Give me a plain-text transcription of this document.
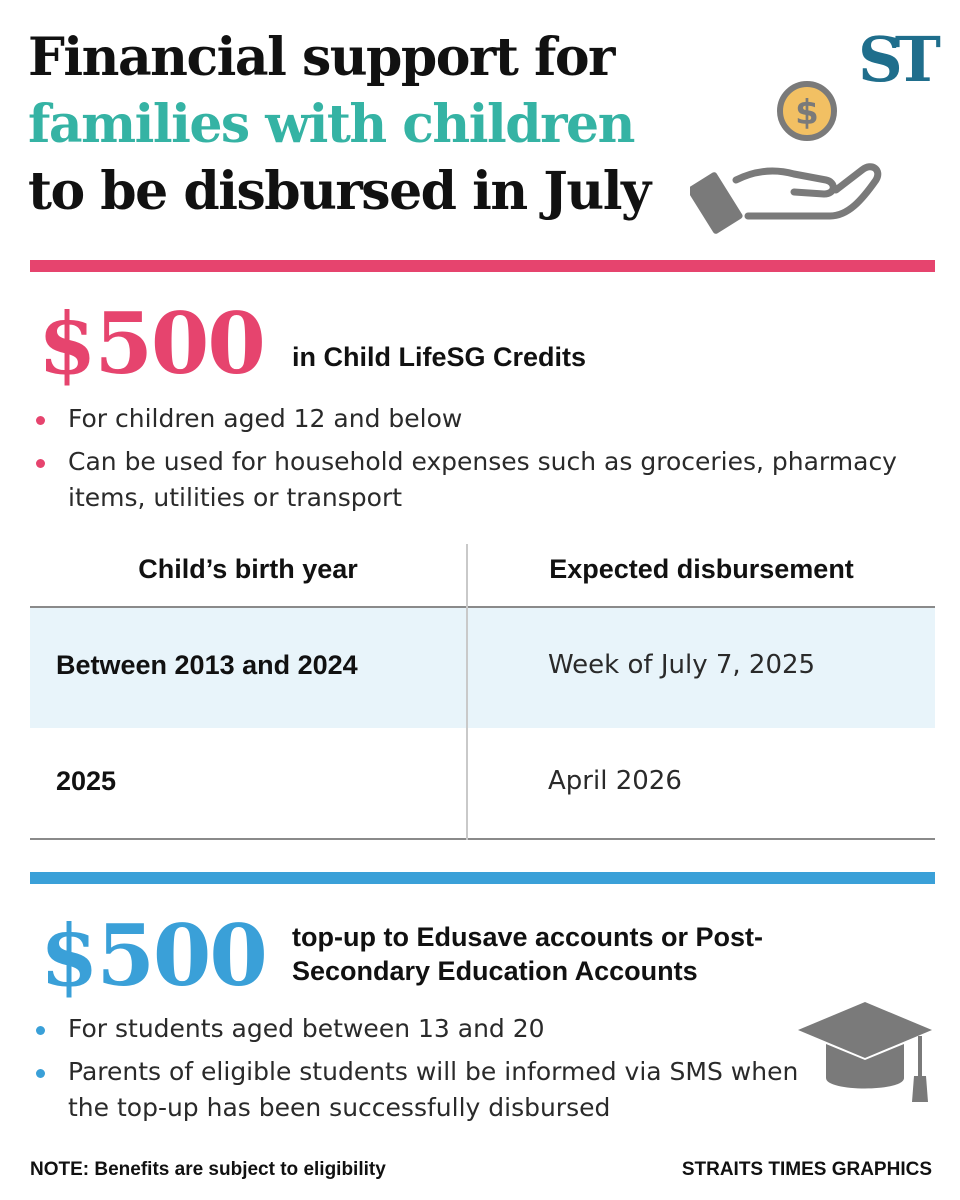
Financial support for
families with children
to be disbursed in July
ST
$
$500 in Child LifeSG Credits
For children aged 12 and below
Can be used for household expenses such as groceries, pharmacy items, utilities or transport
Child’s birth year	Expected disbursement
Between 2013 and 2024	Week of July 7, 2025
2025	April 2026
$500 top-up to Edusave accounts or Post-Secondary Education Accounts
For students aged between 13 and 20
Parents of eligible students will be informed via SMS when the top-up has been successfully disbursed
NOTE: Benefits are subject to eligibility	STRAITS TIMES GRAPHICS
